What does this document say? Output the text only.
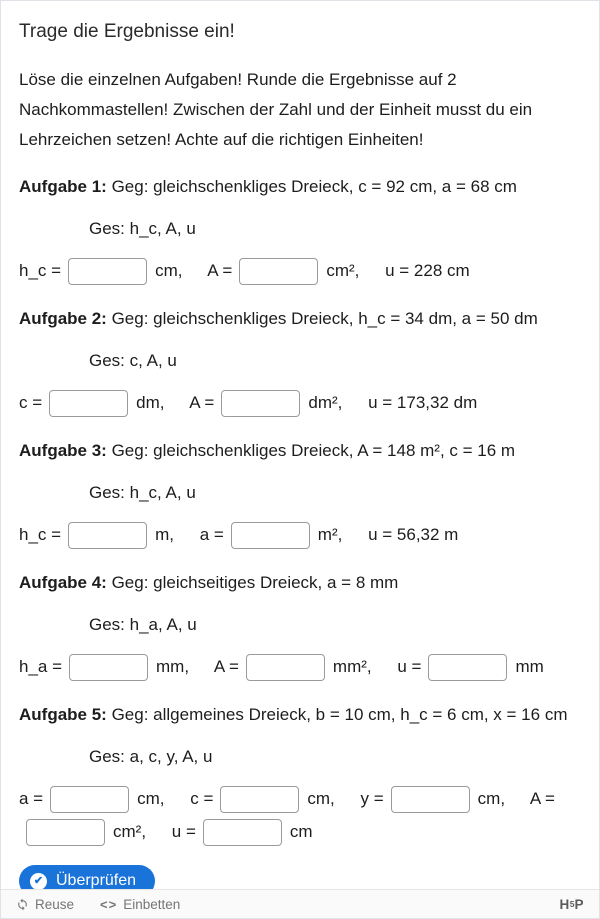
Trage die Ergebnisse ein!

Löse die einzelnen Aufgaben! Runde die Ergebnisse auf 2 Nachkommastellen! Zwischen der Zahl und der Einheit musst du ein Lehrzeichen setzen! Achte auf die richtigen Einheiten!

Aufgabe 1: Geg: gleichschenkliges Dreieck, c = 92 cm, a = 68 cm

Ges: h_c, A, u

h_c =	cm, A =	cm², u = 228 cm

Aufgabe 2: Geg: gleichschenkliges Dreieck, h_c = 34 dm, a = 50 dm

Ges: c, A, u

c =	dm, A =	dm², u = 173,32 dm

Aufgabe 3: Geg: gleichschenkliges Dreieck, A = 148 m², c = 16 m

Ges: h_c, A, u

h_c =	m, a =	m², u = 56,32 m

Aufgabe 4: Geg: gleichseitiges Dreieck, a = 8 mm

Ges: h_a, A, u

h_a =	mm, A =	mm², u =	mm

Aufgabe 5: Geg: allgemeines Dreieck, b = 10 cm, h_c = 6 cm, x = 16 cm

Ges: a, c, y, A, u

a =	cm, c =	cm, y =	cm, A = cm², u =	cm

✔ Überprüfen
Reuse <> Einbetten	H5P
